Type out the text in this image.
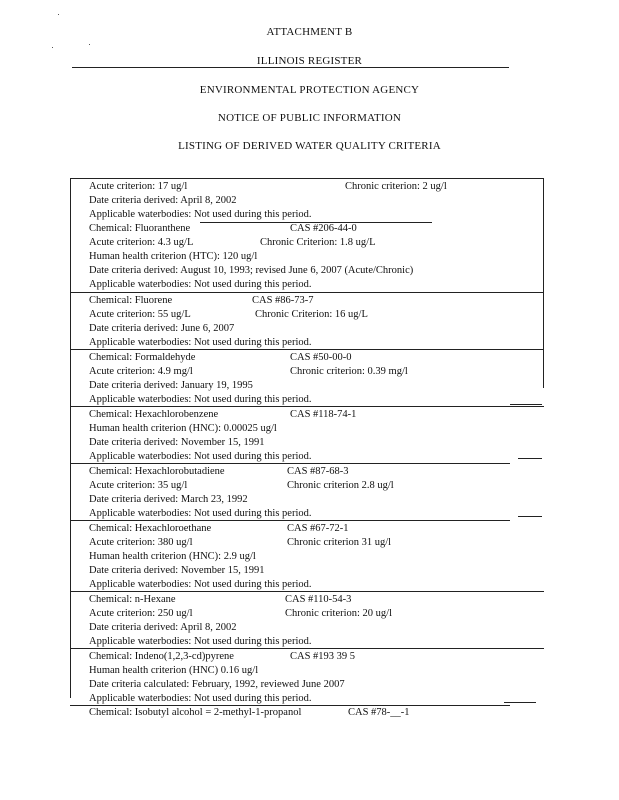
ATTACHMENT B
ILLINOIS REGISTER
ENVIRONMENTAL PROTECTION AGENCY
NOTICE OF PUBLIC INFORMATION
LISTING OF DERIVED WATER QUALITY CRITERIA
Acute criterion: 17 ug/l	Chronic criterion: 2 ug/l
Date criteria derived: April 8, 2002
Applicable waterbodies: Not used during this period.
Chemical: Fluoranthene	CAS #206-44-0
Acute criterion: 4.3 ug/L	Chronic Criterion: 1.8 ug/L
Human health criterion (HTC): 120 ug/l
Date criteria derived: August 10, 1993; revised June 6, 2007 (Acute/Chronic)
Applicable waterbodies: Not used during this period.
Chemical: Fluorene	CAS #86-73-7
Acute criterion: 55 ug/L	Chronic Criterion: 16 ug/L
Date criteria derived: June 6, 2007
Applicable waterbodies: Not used during this period.
Chemical: Formaldehyde	CAS #50-00-0
Acute criterion: 4.9 mg/l	Chronic criterion: 0.39 mg/l
Date criteria derived: January 19, 1995
Applicable waterbodies: Not used during this period.
Chemical: Hexachlorobenzene	CAS #118-74-1
Human health criterion (HNC): 0.00025 ug/l
Date criteria derived: November 15, 1991
Applicable waterbodies: Not used during this period.
Chemical: Hexachlorobutadiene	CAS #87-68-3
Acute criterion: 35 ug/l	Chronic criterion 2.8 ug/l
Date criteria derived: March 23, 1992
Applicable waterbodies: Not used during this period.
Chemical: Hexachloroethane	CAS #67-72-1
Acute criterion: 380 ug/l	Chronic criterion 31 ug/l
Human health criterion (HNC): 2.9 ug/l
Date criteria derived: November 15, 1991
Applicable waterbodies: Not used during this period.
Chemical: n-Hexane	CAS #110-54-3
Acute criterion: 250 ug/l	Chronic criterion: 20 ug/l
Date criteria derived: April 8, 2002
Applicable waterbodies: Not used during this period.
Chemical: Indeno(1,2,3-cd)pyrene	CAS #193 39 5
Human health criterion (HNC) 0.16 ug/l
Date criteria calculated: February, 1992, reviewed June 2007
Applicable waterbodies: Not used during this period.
Chemical: Isobutyl alcohol = 2-methyl-1-propanol	CAS #78-__-1
